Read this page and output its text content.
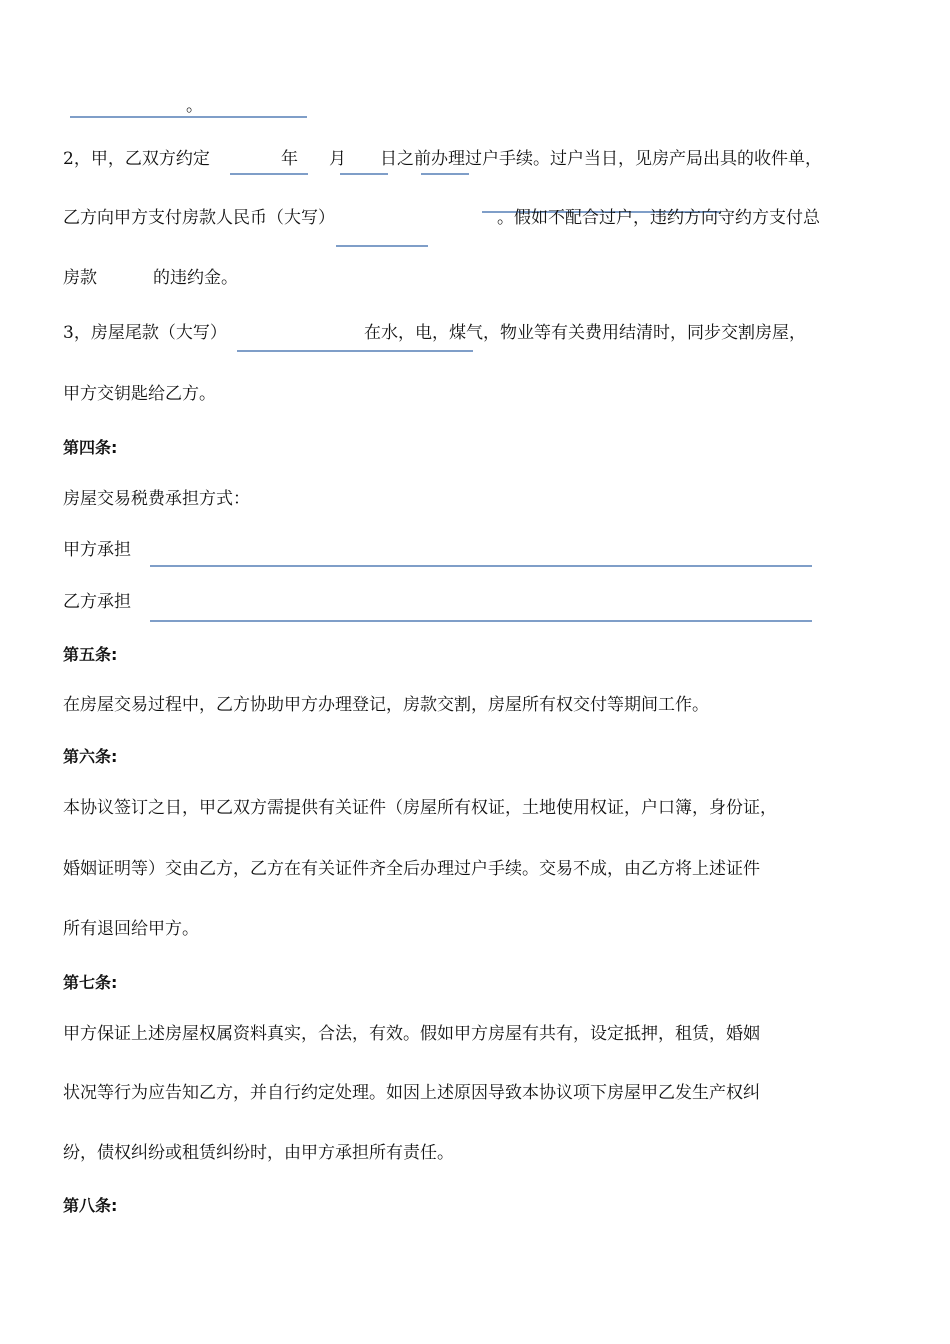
。
2，甲，乙双方约定	年 月 日之前办理过户手续。过户当日，见房产局出具的收件单，
乙方向甲方支付房款人民币（大写）	。假如不配合过户，违约方向守约方支付总
房款	的违约金。
3，房屋尾款（大写）	在水，电，煤气，物业等有关费用结清时，同步交割房屋，
甲方交钥匙给乙方。
第四条:
房屋交易税费承担方式：
甲方承担
乙方承担
第五条:
在房屋交易过程中，乙方协助甲方办理登记，房款交割，房屋所有权交付等期间工作。
第六条:
本协议签订之日，甲乙双方需提供有关证件（房屋所有权证，土地使用权证，户口簿，身份证，
婚姻证明等）交由乙方，乙方在有关证件齐全后办理过户手续。交易不成，由乙方将上述证件
所有退回给甲方。
第七条:
甲方保证上述房屋权属资料真实，合法，有效。假如甲方房屋有共有，设定抵押，租赁，婚姻
状况等行为应告知乙方，并自行约定处理。如因上述原因导致本协议项下房屋甲乙发生产权纠
纷，债权纠纷或租赁纠纷时，由甲方承担所有责任。
第八条:
